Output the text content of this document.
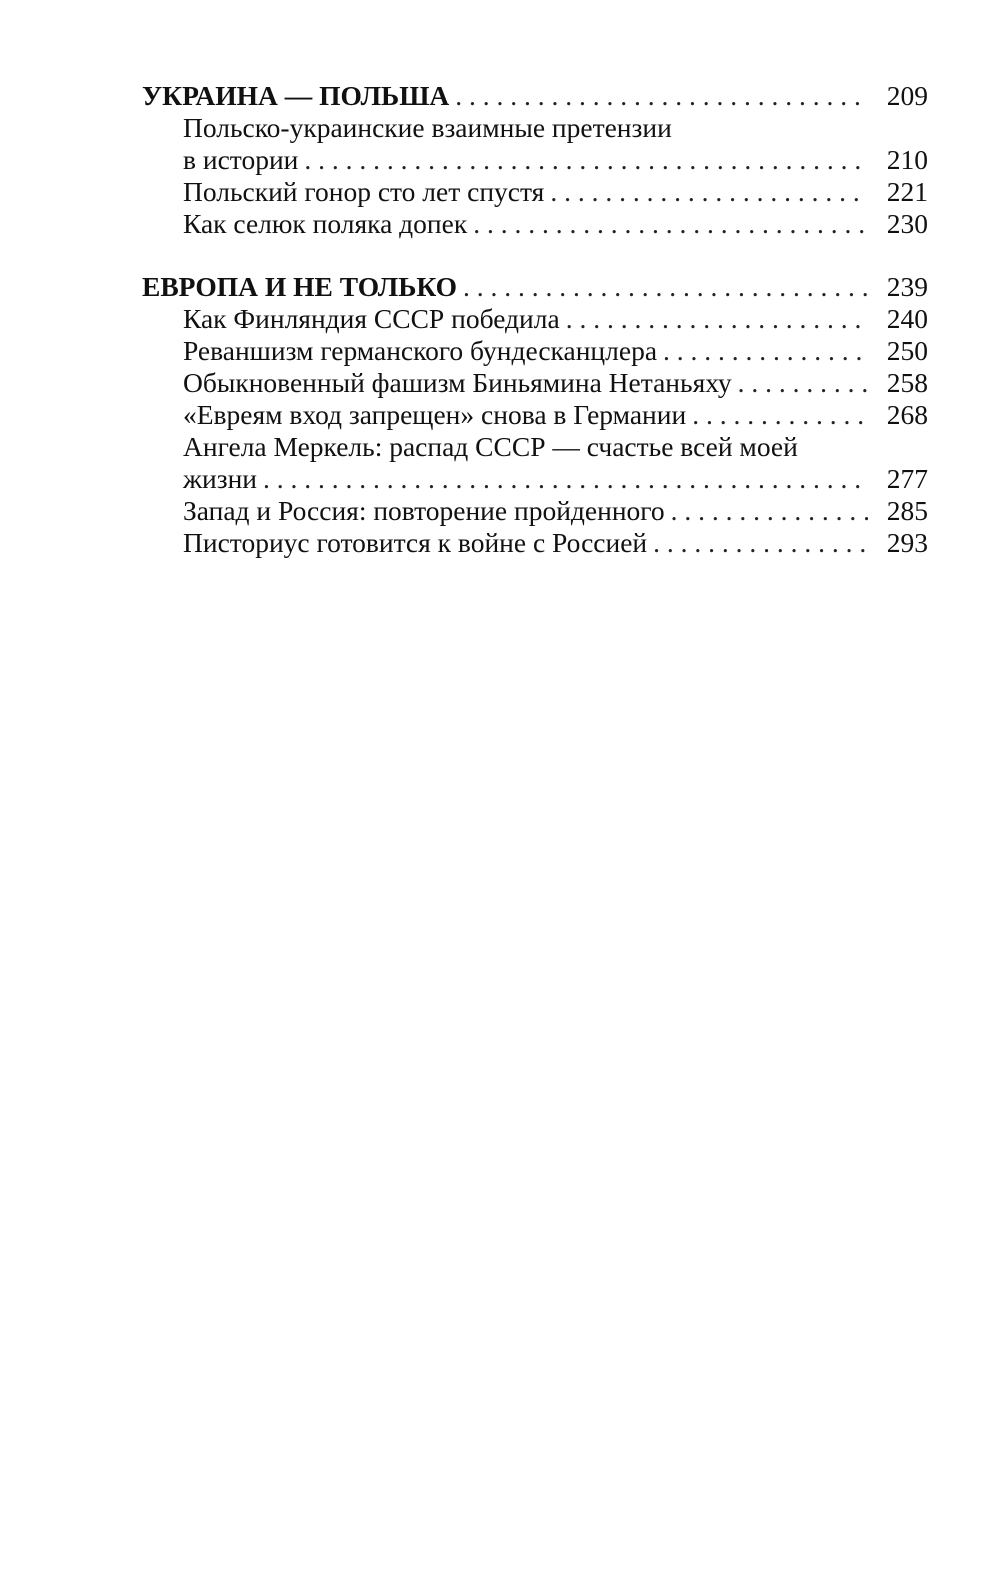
УКРАИНА — ПОЛЬША . . .	209
Польско-украинские взаимные претензии
в истории . . .	210
Польский гонор сто лет спустя . . .	221
Как селюк поляка допек . . .	230
ЕВРОПА И НЕ ТОЛЬКО . . .	239
Как Финляндия СССР победила . . .	240
Реваншизм германского бундесканцлера . . .	250
Обыкновенный фашизм Биньямина Нетаньяху . . .	258
«Евреям вход запрещен» снова в Германии . . .	268
Ангела Меркель: распад СССР — счастье всей моей
жизни . . .	277
Запад и Россия: повторение пройденного . . .	285
Писториус готовится к войне с Россией . . .	293
